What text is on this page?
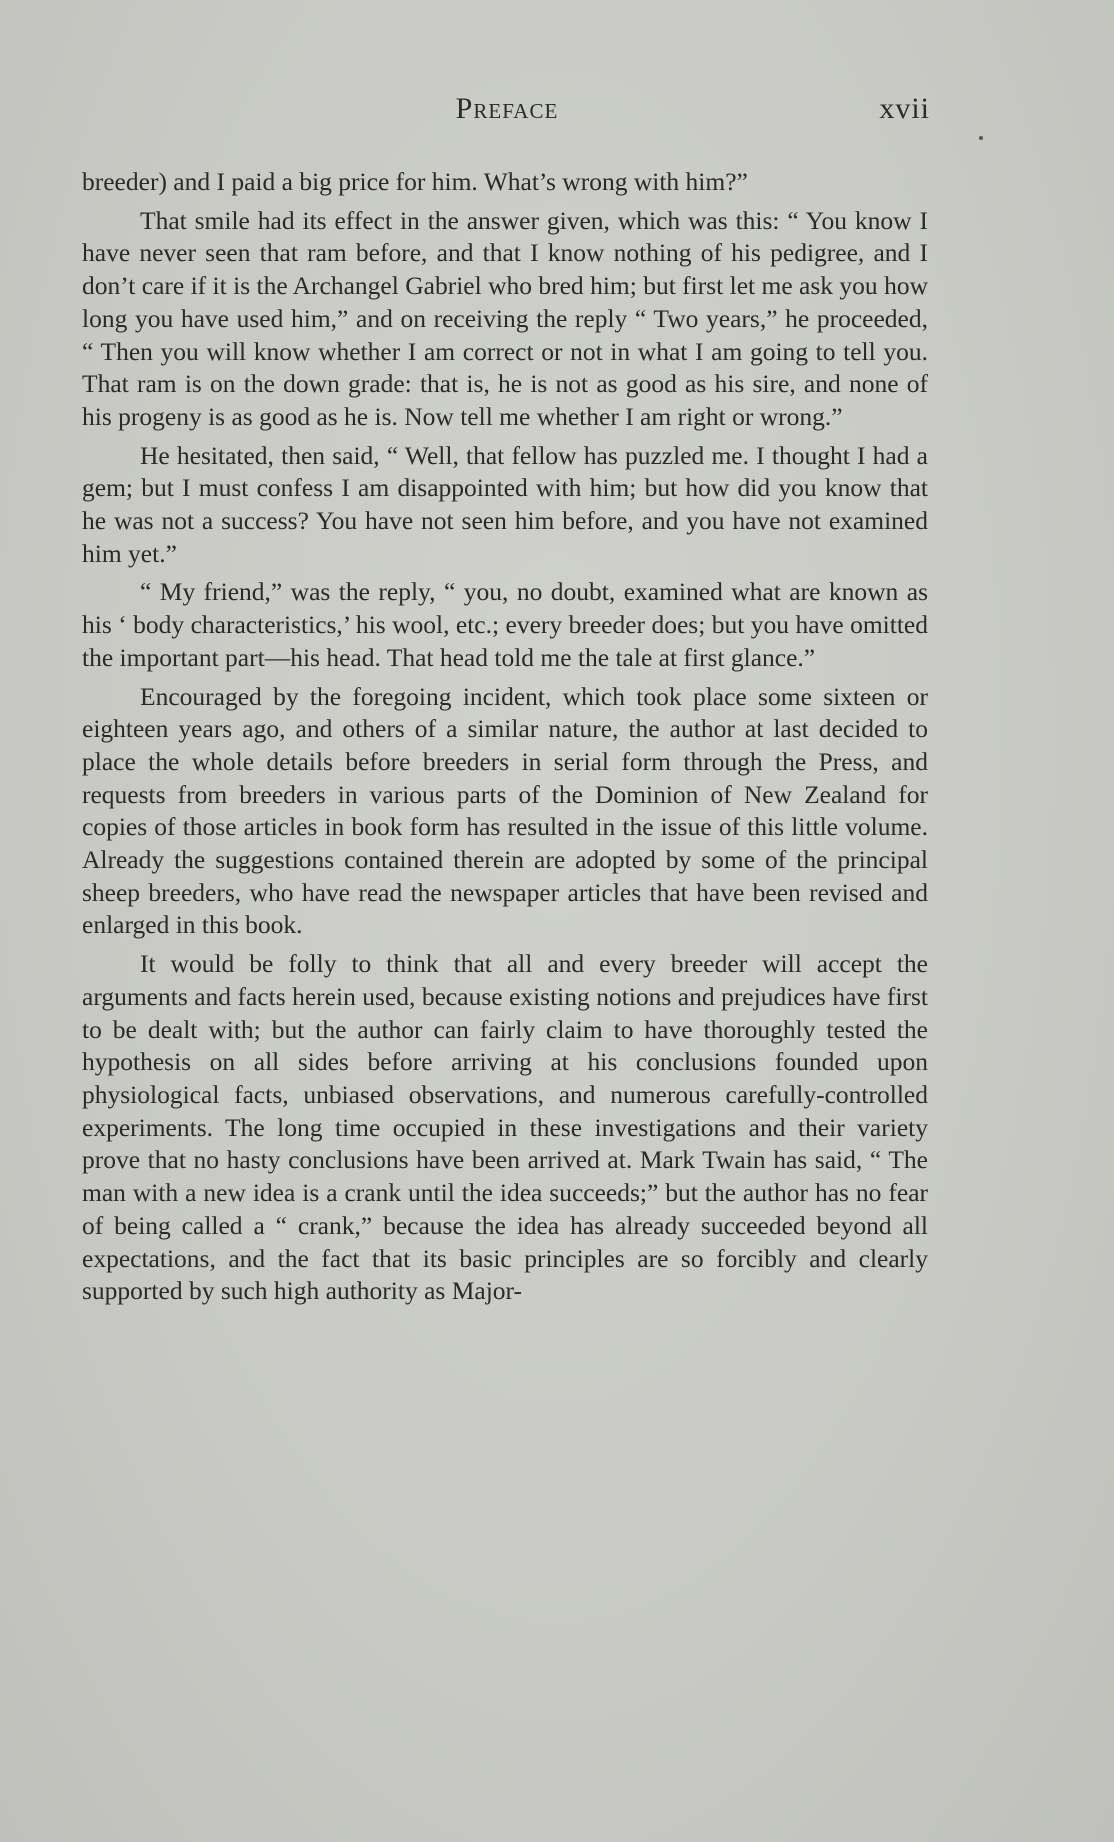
Preface	xvii

breeder) and I paid a big price for him. What’s wrong with him?”

That smile had its effect in the answer given, which was this: “ You know I have never seen that ram before, and that I know nothing of his pedigree, and I don’t care if it is the Archangel Gabriel who bred him; but first let me ask you how long you have used him,” and on receiving the reply “ Two years,” he proceeded, “ Then you will know whether I am correct or not in what I am going to tell you. That ram is on the down grade: that is, he is not as good as his sire, and none of his progeny is as good as he is. Now tell me whether I am right or wrong.”

He hesitated, then said, “ Well, that fellow has puzzled me. I thought I had a gem; but I must confess I am disappointed with him; but how did you know that he was not a success? You have not seen him before, and you have not examined him yet.”

“ My friend,” was the reply, “ you, no doubt, examined what are known as his ‘ body characteristics,’ his wool, etc.; every breeder does; but you have omitted the important part—his head. That head told me the tale at first glance.”

Encouraged by the foregoing incident, which took place some sixteen or eighteen years ago, and others of a similar nature, the author at last decided to place the whole details before breeders in serial form through the Press, and requests from breeders in various parts of the Dominion of New Zealand for copies of those articles in book form has resulted in the issue of this little volume. Already the suggestions contained therein are adopted by some of the principal sheep breeders, who have read the newspaper articles that have been revised and enlarged in this book.

It would be folly to think that all and every breeder will accept the arguments and facts herein used, because existing notions and prejudices have first to be dealt with; but the author can fairly claim to have thoroughly tested the hypothesis on all sides before arriving at his conclusions founded upon physiological facts, unbiased observations, and numerous carefully-controlled experiments. The long time occupied in these investigations and their variety prove that no hasty conclusions have been arrived at. Mark Twain has said, “ The man with a new idea is a crank until the idea succeeds;” but the author has no fear of being called a “ crank,” because the idea has already succeeded beyond all expectations, and the fact that its basic principles are so forcibly and clearly supported by such high authority as Major-
